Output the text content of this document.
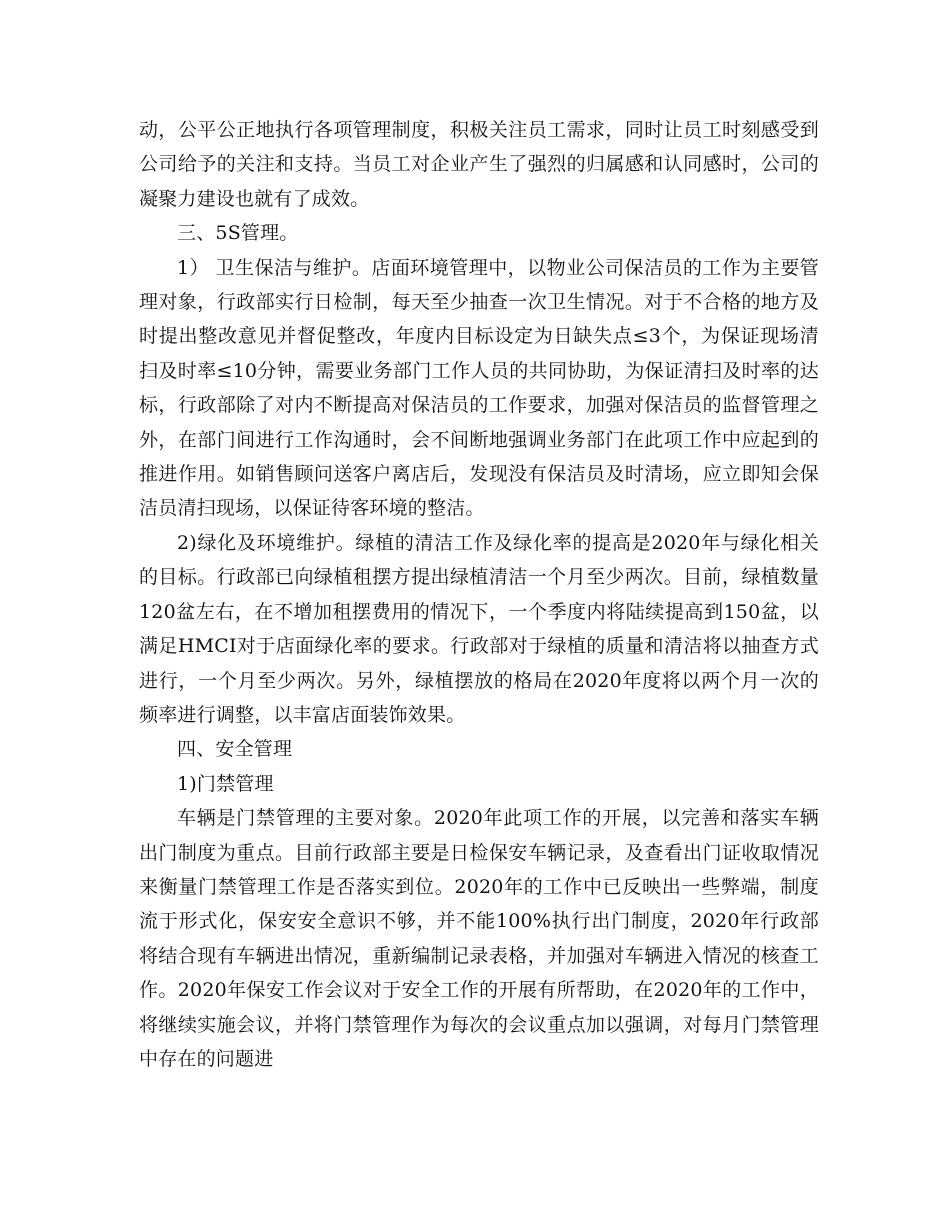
动，公平公正地执行各项管理制度，积极关注员工需求，同时让员工时刻感受到公司给予的关注和支持。当员工对企业产生了强烈的归属感和认同感时，公司的凝聚力建设也就有了成效。

三、5S管理。

1） 卫生保洁与维护。店面环境管理中，以物业公司保洁员的工作为主要管理对象，行政部实行日检制，每天至少抽查一次卫生情况。对于不合格的地方及时提出整改意见并督促整改，年度内目标设定为日缺失点≤3个，为保证现场清扫及时率≤10分钟，需要业务部门工作人员的共同协助，为保证清扫及时率的达标，行政部除了对内不断提高对保洁员的工作要求，加强对保洁员的监督管理之外，在部门间进行工作沟通时，会不间断地强调业务部门在此项工作中应起到的推进作用。如销售顾问送客户离店后，发现没有保洁员及时清场，应立即知会保洁员清扫现场，以保证待客环境的整洁。

2)绿化及环境维护。绿植的清洁工作及绿化率的提高是2020年与绿化相关的目标。行政部已向绿植租摆方提出绿植清洁一个月至少两次。目前，绿植数量120盆左右，在不增加租摆费用的情况下，一个季度内将陆续提高到150盆，以满足HMCI对于店面绿化率的要求。行政部对于绿植的质量和清洁将以抽查方式进行，一个月至少两次。另外，绿植摆放的格局在2020年度将以两个月一次的频率进行调整，以丰富店面装饰效果。

四、安全管理

1)门禁管理

车辆是门禁管理的主要对象。2020年此项工作的开展，以完善和落实车辆出门制度为重点。目前行政部主要是日检保安车辆记录，及查看出门证收取情况来衡量门禁管理工作是否落实到位。2020年的工作中已反映出一些弊端，制度流于形式化，保安安全意识不够，并不能100%执行出门制度，2020年行政部将结合现有车辆进出情况，重新编制记录表格，并加强对车辆进入情况的核查工作。2020年保安工作会议对于安全工作的开展有所帮助，在2020年的工作中，将继续实施会议，并将门禁管理作为每次的会议重点加以强调，对每月门禁管理中存在的问题进
